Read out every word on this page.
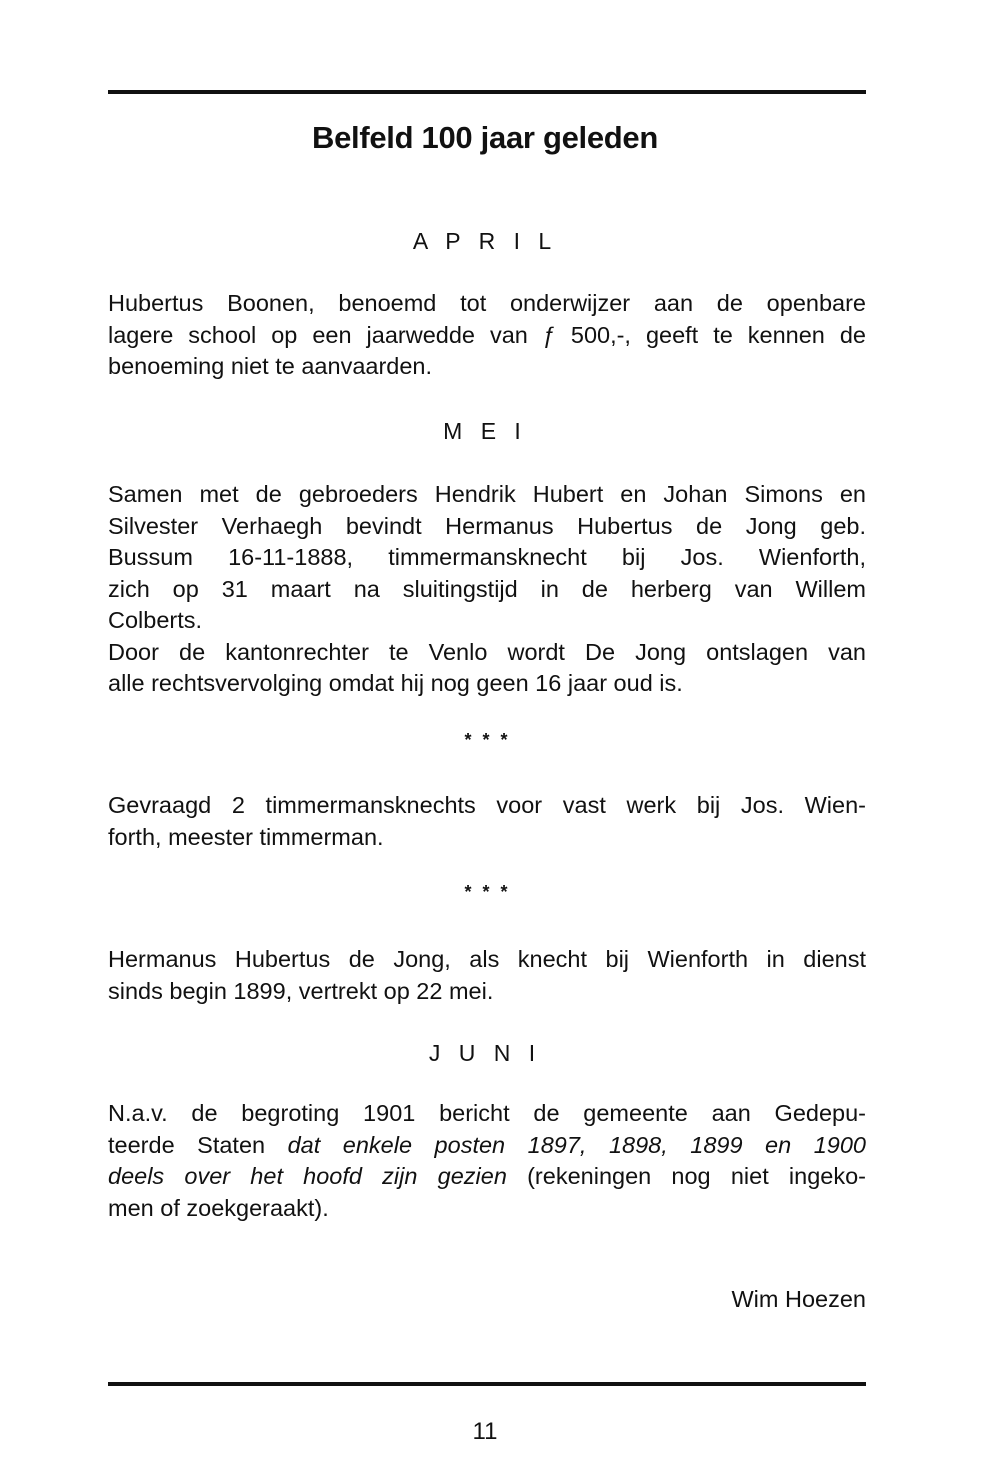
Belfeld 100 jaar geleden
A P R I L
Hubertus Boonen, benoemd tot onderwijzer aan de openbare
lagere school op een jaarwedde van ƒ 500,-, geeft te kennen de
benoeming niet te aanvaarden.
M E I
Samen met de gebroeders Hendrik Hubert en Johan Simons en
Silvester Verhaegh bevindt Hermanus Hubertus de Jong geb.
Bussum 16-11-1888, timmermansknecht bij Jos. Wienforth,
zich op 31 maart na sluitingstijd in de herberg van Willem
Colberts.
Door de kantonrechter te Venlo wordt De Jong ontslagen van
alle rechtsvervolging omdat hij nog geen 16 jaar oud is.
* * *
Gevraagd 2 timmermansknechts voor vast werk bij Jos. Wien-
forth, meester timmerman.
* * *
Hermanus Hubertus de Jong, als knecht bij Wienforth in dienst
sinds begin 1899, vertrekt op 22 mei.
J U N I
N.a.v. de begroting 1901 bericht de gemeente aan Gedepu-
teerde Staten dat enkele posten 1897, 1898, 1899 en 1900
deels over het hoofd zijn gezien (rekeningen nog niet ingeko-
men of zoekgeraakt).
Wim Hoezen
11
